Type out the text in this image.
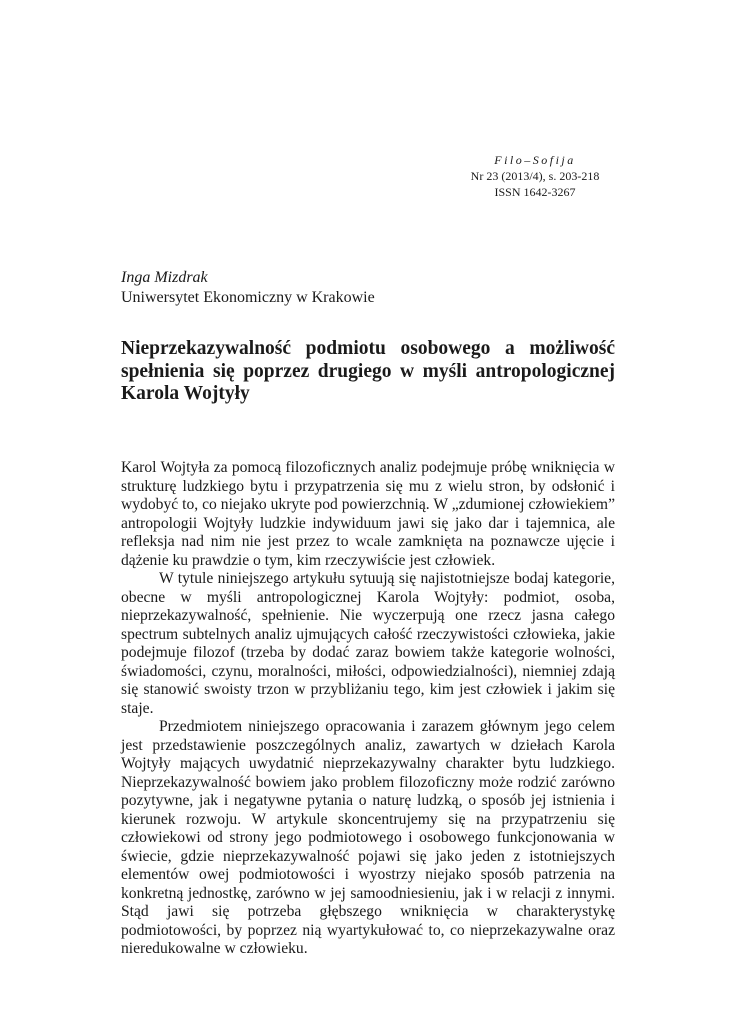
Filo–Sofija
Nr 23 (2013/4), s. 203-218
ISSN 1642-3267
Inga Mizdrak
Uniwersytet Ekonomiczny w Krakowie
Nieprzekazywalność podmiotu osobowego a możliwość spełnienia się poprzez drugiego w myśli antropologicznej Karola Wojtyły

Karol Wojtyła za pomocą filozoficznych analiz podejmuje próbę wniknięcia w strukturę ludzkiego bytu i przypatrzenia się mu z wielu stron, by odsłonić i wydobyć to, co niejako ukryte pod powierzchnią. W „zdumionej człowiekiem” antropologii Wojtyły ludzkie indywiduum jawi się jako dar i tajemnica, ale refleksja nad nim nie jest przez to wcale zamknięta na poznawcze ujęcie i dążenie ku prawdzie o tym, kim rzeczywiście jest człowiek.

W tytule niniejszego artykułu sytuują się najistotniejsze bodaj kategorie, obecne w myśli antropologicznej Karola Wojtyły: podmiot, osoba, nieprzekazywalność, spełnienie. Nie wyczerpują one rzecz jasna całego spectrum subtelnych analiz ujmujących całość rzeczywistości człowieka, jakie podejmuje filozof (trzeba by dodać zaraz bowiem także kategorie wolności, świadomości, czynu, moralności, miłości, odpowiedzialności), niemniej zdają się stanowić swoisty trzon w przybliżaniu tego, kim jest człowiek i jakim się staje.

Przedmiotem niniejszego opracowania i zarazem głównym jego celem jest przedstawienie poszczególnych analiz, zawartych w dziełach Karola Wojtyły mających uwydatnić nieprzekazywalny charakter bytu ludzkiego. Nieprzekazywalność bowiem jako problem filozoficzny może rodzić zarówno pozytywne, jak i negatywne pytania o naturę ludzką, o sposób jej istnienia i kierunek rozwoju. W artykule skoncentrujemy się na przypatrzeniu się człowiekowi od strony jego podmiotowego i osobowego funkcjonowania w świecie, gdzie nieprzekazywalność pojawi się jako jeden z istotniejszych elementów owej podmiotowości i wyostrzy niejako sposób patrzenia na konkretną jednostkę, zarówno w jej samoodniesieniu, jak i w relacji z innymi. Stąd jawi się potrzeba głębszego wniknięcia w charakterystykę podmiotowości, by poprzez nią wyartykułować to, co nieprzekazywalne oraz nieredukowalne w człowieku.
